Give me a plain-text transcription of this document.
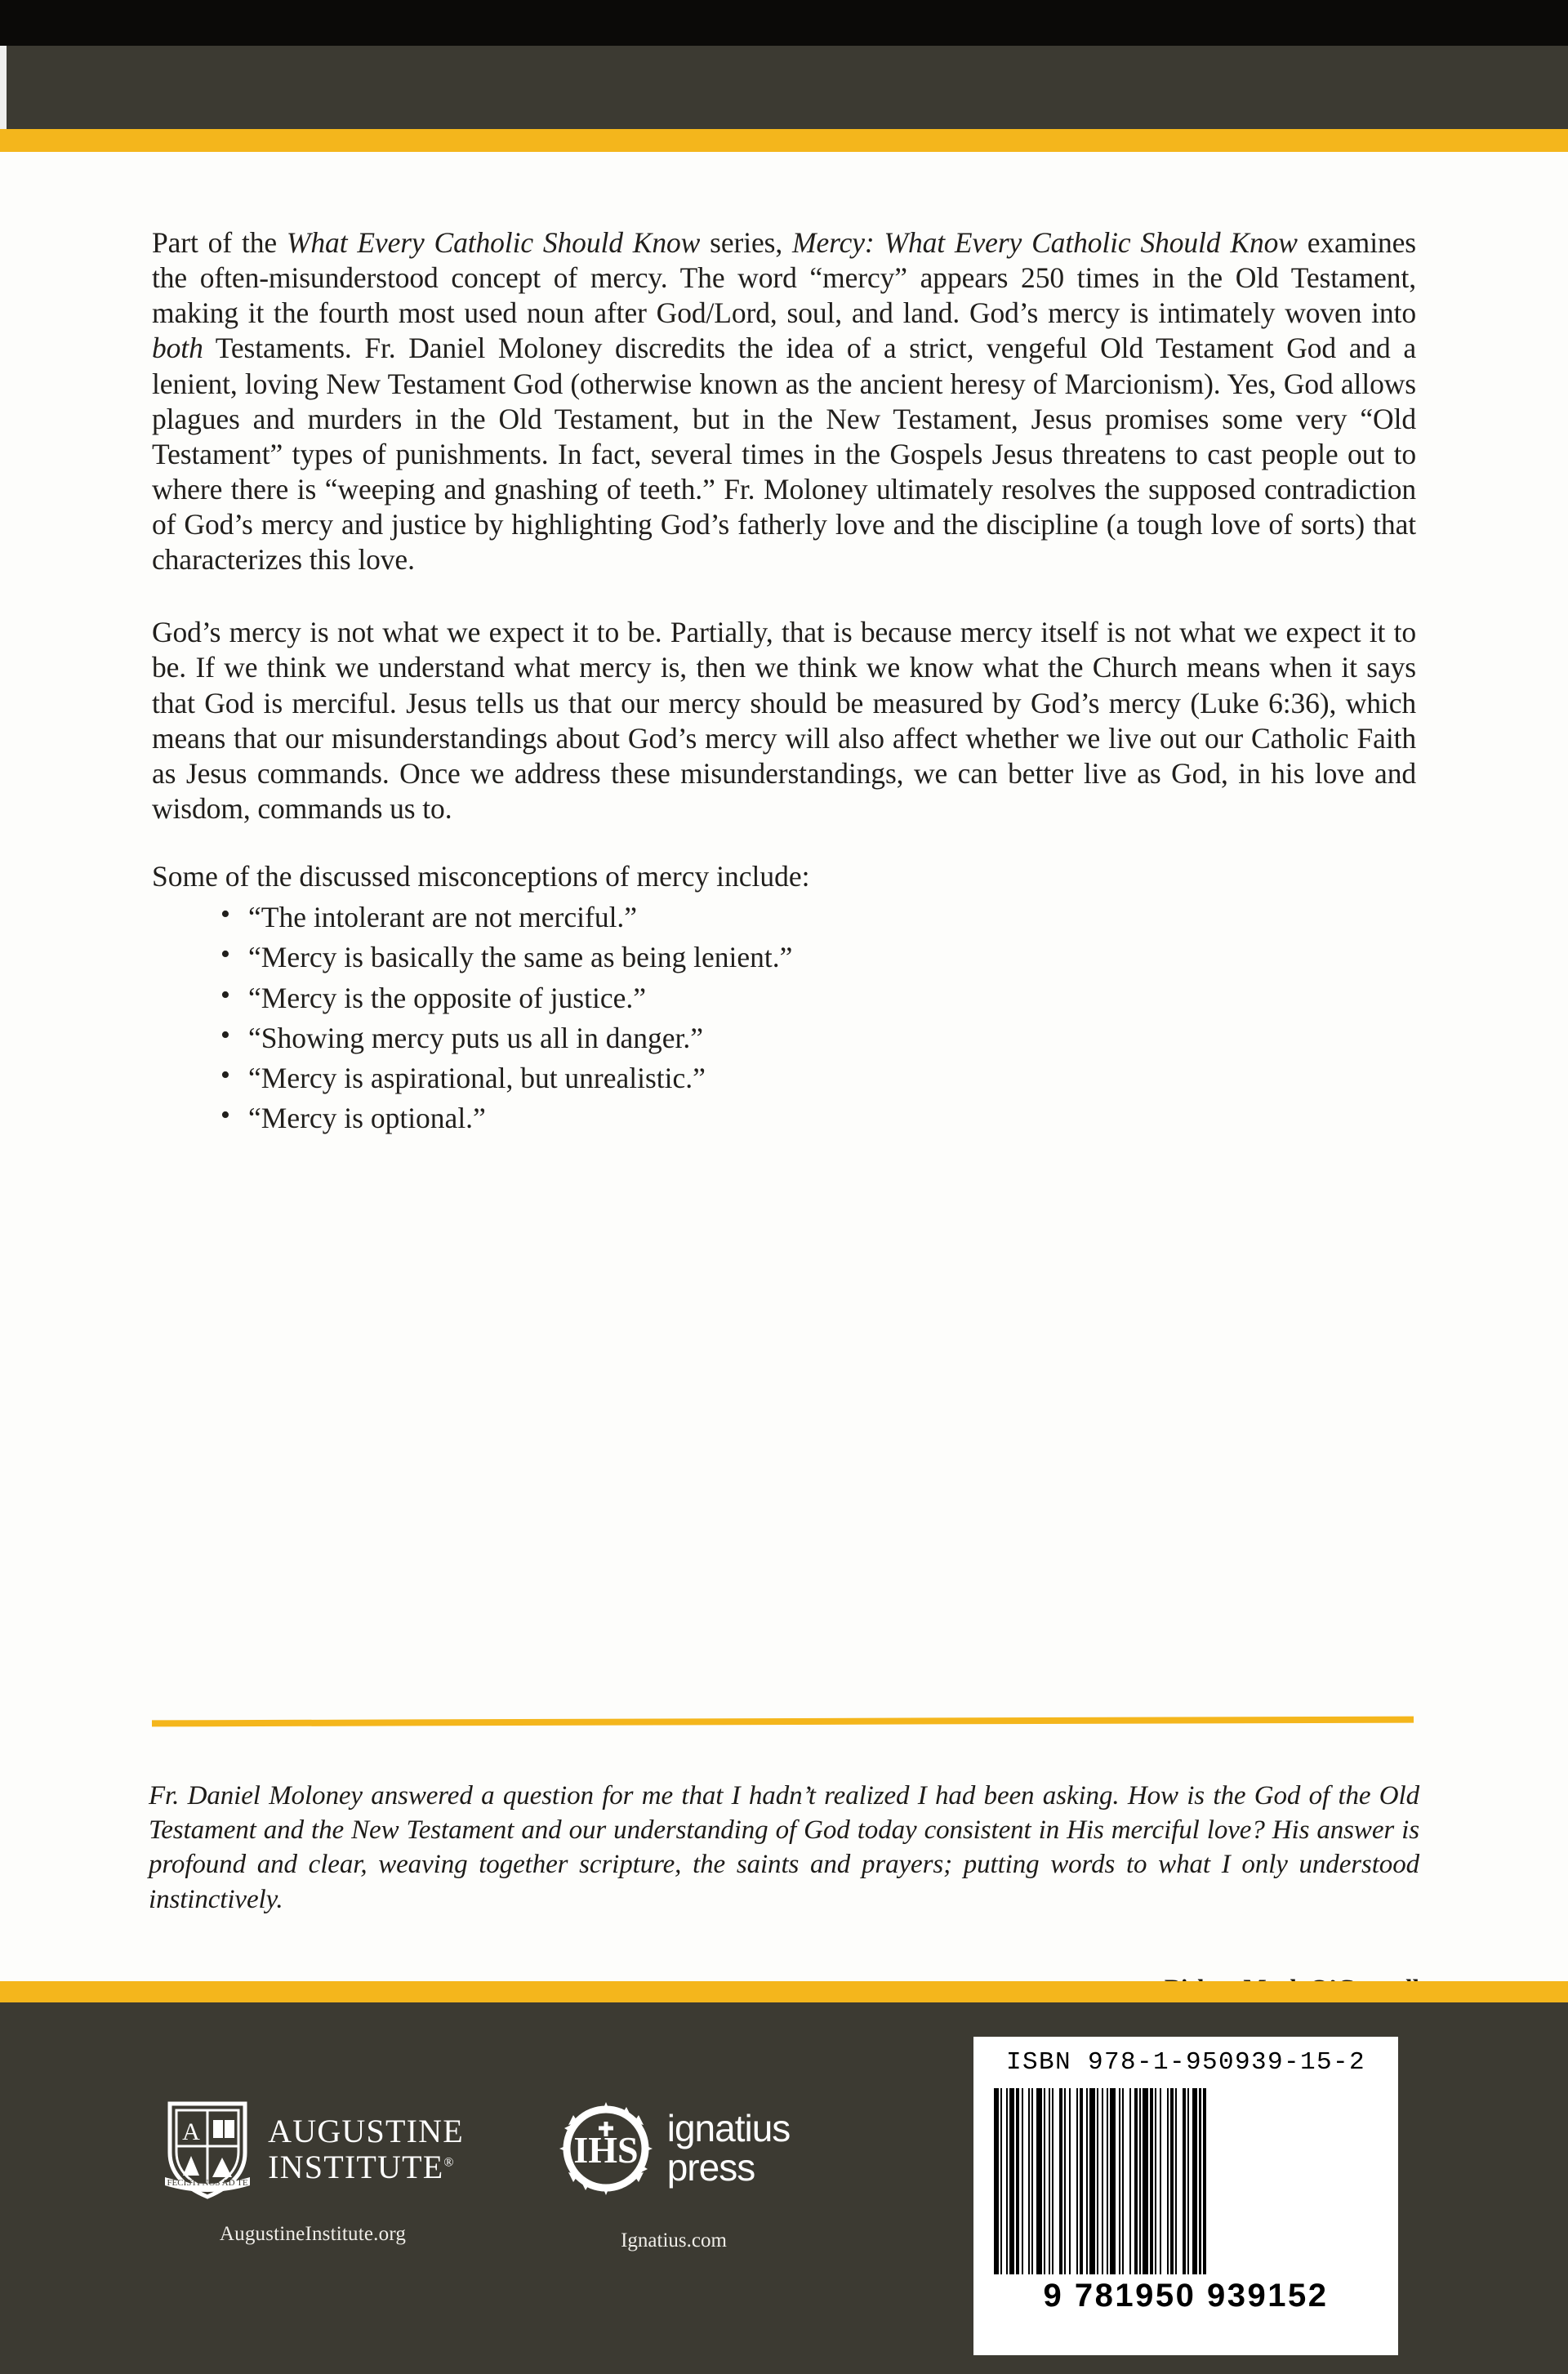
Part of the What Every Catholic Should Know series, Mercy: What Every Catholic Should Know examines the often-misunderstood concept of mercy. The word “mercy” appears 250 times in the Old Testament, making it the fourth most used noun after God/Lord, soul, and land. God’s mercy is intimately woven into both Testaments. Fr. Daniel Moloney discredits the idea of a strict, vengeful Old Testament God and a lenient, loving New Testament God (otherwise known as the ancient heresy of Marcionism). Yes, God allows plagues and murders in the Old Testament, but in the New Testament, Jesus promises some very “Old Testament” types of punishments. In fact, several times in the Gospels Jesus threatens to cast people out to where there is “weeping and gnashing of teeth.” Fr. Moloney ultimately resolves the supposed contradiction of God’s mercy and justice by highlighting God’s fatherly love and the discipline (a tough love of sorts) that characterizes this love.

God’s mercy is not what we expect it to be. Partially, that is because mercy itself is not what we expect it to be. If we think we understand what mercy is, then we think we know what the Church means when it says that God is merciful. Jesus tells us that our mercy should be measured by God’s mercy (Luke 6:36), which means that our misunderstandings about God’s mercy will also affect whether we live out our Catholic Faith as Jesus commands. Once we address these misunderstandings, we can better live as God, in his love and wisdom, commands us to.

Some of the discussed misconceptions of mercy include:

• “The intolerant are not merciful.”
• “Mercy is basically the same as being lenient.”
• “Mercy is the opposite of justice.”
• “Showing mercy puts us all in danger.”
• “Mercy is aspirational, but unrealistic.”
• “Mercy is optional.”

Fr. Daniel Moloney answered a question for me that I hadn’t realized I had been asking. How is the God of the Old Testament and the New Testament and our understanding of God today consistent in His merciful love? His answer is profound and clear, weaving together scripture, the saints and prayers; putting words to what I only understood instinctively.

A
FECISTI NOS AD TE
AUGUSTINE
INSTITUTE®
AugustineInstitute.org
IHS
ignatius
press
Ignatius.com
ISBN 978-1-950939-15-2
9 781950 939152
